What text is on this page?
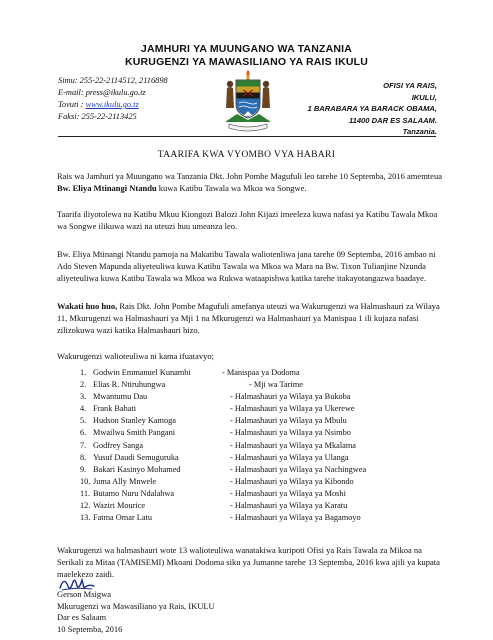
JAMHURI YA MUUNGANO WA TANZANIA
KURUGENZI YA MAWASILIANO YA RAIS IKULU
Simu: 255-22-2114512, 2116898
E-mail: press@ikulu.go.tz
Tovuti : www.ikulu.go.tz
Faksi: 255-22-2113425
OFISI YA RAIS,
IKULU,
1 BARABARA YA BARACK OBAMA,
11400 DAR ES SALAAM.
Tanzania.
TAARIFA KWA VYOMBO VYA HABARI
Rais wa Jamhuri ya Muungano wa Tanzania Dkt. John Pombe Magufuli leo tarehe 10 Septemba, 2016 amemteua Bw. Eliya Mtinangi Ntandu kuwa Katibu Tawala wa Mkoa wa Songwe.
Taarifa iliyotolewa na Katibu Mkuu Kiongozi Balozi John Kijazi imeeleza kuwa nafasi ya Katibu Tawala Mkoa wa Songwe ilikuwa wazi na uteuzi huu umeanza leo.
Bw. Eliya Mtinangi Ntandu pamoja na Makatibu Tawala waliotenliwa jana tarehe 09 Septemba, 2016 ambao ni Ado Steven Mapunda aliyeteuliwa kuwa Katibu Tawala wa Mkoa wa Mara na Bw. Tixon Tulianjine Nzunda aliyeteuliwa kuwa Katibu Tawala wa Mkoa wa Rukwa wataapishwa katika tarehe itakayotangazwa baadaye.
Wakati huo huo, Rais Dkt. John Pombe Magufuli amefanya uteuzi wa Wakurugenzi wa Halmashauri za Wilaya 11, Mkurugenzi wa Halmashauri ya Mji 1 na Mkurugenzi wa Halmashauri ya Manispaa 1 ili kujaza nafasi zilizokuwa wazi katika Halmashauri hizo.
Wakurugenzi walioteuliwa ni kama ifuatavyo;
1. Godwin Emmanuel Kunambi	- Manispaa ya Dodoma
2. Elias R. Ntiruhungwa	- Mji wa Tarime
3. Mwantumu Dau	- Halmashauri ya Wilaya ya Bukoba
4. Frank Bahati	- Halmashauri ya Wilaya ya Ukerewe
5. Hudson Stanley Kamoga	- Halmashauri ya Wilaya ya Mbulu
6. Mwailwa Smith Pangani	- Halmashauri ya Wilaya ya Nsimbo
7. Godfrey Sanga	- Halmashauri ya Wilaya ya Mkalama
8. Yusuf Daudi Semuguruka	- Halmashauri ya Wilaya ya Ulanga
9. Bakari Kasinyo Mohamed	- Halmashauri ya Wilaya ya Nachingwea
10. Juma Ally Mnwele	- Halmashauri ya Wilaya ya Kibondo
11. Butamo Nuru Ndalahwa	- Halmashauri ya Wilaya ya Moshi
12. Waziri Mourice	- Halmashauri ya Wilaya ya Karatu
13. Fatma Omar Latu	- Halmashauri ya Wilaya ya Bagamoyo
Wakurugenzi wa halmashauri wote 13 walioteuliwa wanatakiwa kuripoti Ofisi ya Rais Tawala za Mikoa na Serikali za Mitaa (TAMISEMI) Mkoani Dodoma siku ya Jumanne tarehe 13 Septemba, 2016 kwa ajili ya kupata maelekezo zaidi.
Gerson Msigwa
Mkurugenzi wa Mawasiliano ya Rais, IKULU
Dar es Salaam
10 Septemba, 2016
